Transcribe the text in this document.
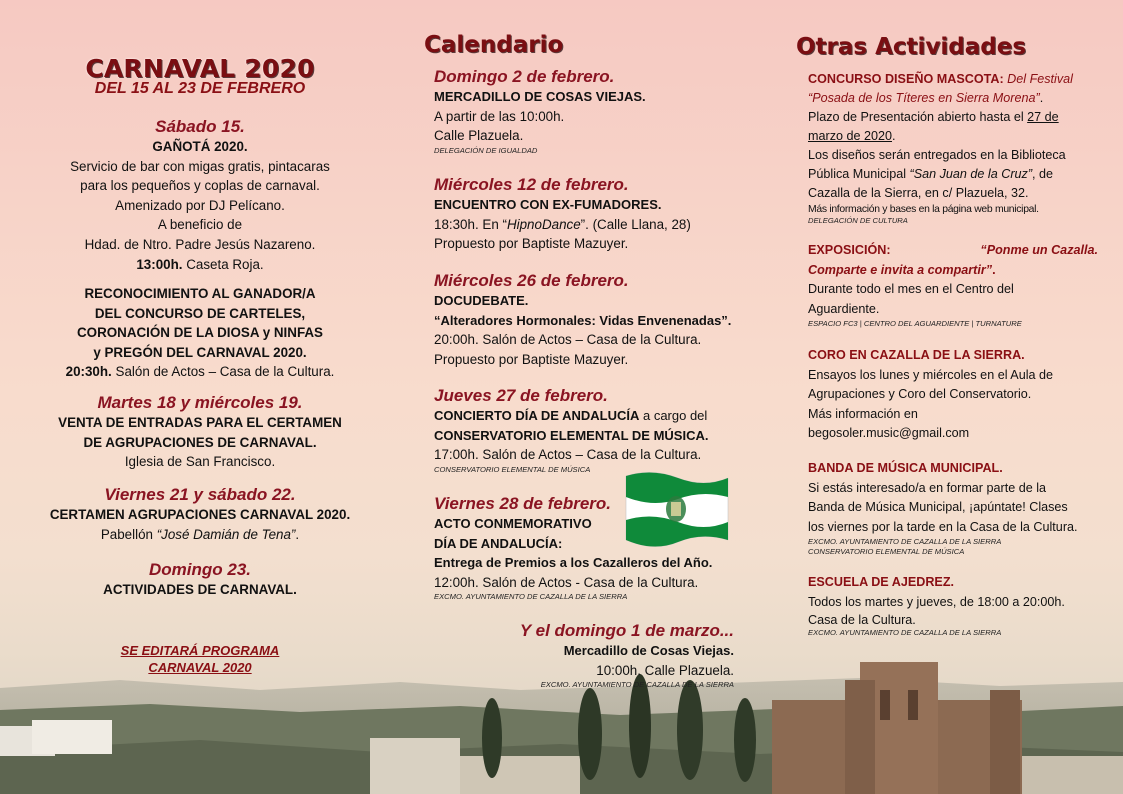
CARNAVAL 2020
DEL 15 AL 23 DE FEBRERO
Sábado 15.
GAÑOTÁ 2020.
Servicio de bar con migas gratis, pintacaras
para los pequeños y coplas de carnaval.
Amenizado por DJ Pelícano.
A beneficio de
Hdad. de Ntro. Padre Jesús Nazareno.
13:00h. Caseta Roja.
RECONOCIMIENTO AL GANADOR/A
DEL CONCURSO DE CARTELES,
CORONACIÓN DE LA DIOSA y NINFAS
y PREGÓN DEL CARNAVAL 2020.
20:30h. Salón de Actos – Casa de la Cultura.
Martes 18 y miércoles 19.
VENTA DE ENTRADAS PARA EL CERTAMEN
DE AGRUPACIONES DE CARNAVAL.
Iglesia de San Francisco.
Viernes 21 y sábado 22.
CERTAMEN AGRUPACIONES CARNAVAL 2020.
Pabellón “José Damián de Tena”.
Domingo 23.
ACTIVIDADES DE CARNAVAL.
SE EDITARÁ PROGRAMA
CARNAVAL 2020
Calendario
Domingo 2 de febrero.
MERCADILLO DE COSAS VIEJAS.
A partir de las 10:00h.
Calle Plazuela.
DELEGACIÓN DE IGUALDAD
Miércoles 12 de febrero.
ENCUENTRO CON EX-FUMADORES.
18:30h. En “HipnoDance”. (Calle Llana, 28)
Propuesto por Baptiste Mazuyer.
Miércoles 26 de febrero.
DOCUDEBATE.
“Alteradores Hormonales: Vidas Envenenadas”.
20:00h. Salón de Actos – Casa de la Cultura.
Propuesto por Baptiste Mazuyer.
Jueves 27 de febrero.
CONCIERTO DÍA DE ANDALUCÍA a cargo del
CONSERVATORIO ELEMENTAL DE MÚSICA.
17:00h. Salón de Actos – Casa de la Cultura.
CONSERVATORIO ELEMENTAL DE MÚSICA
Viernes 28 de febrero.
ACTO CONMEMORATIVO
DÍA DE ANDALUCÍA:
Entrega de Premios a los Cazalleros del Año.
12:00h. Salón de Actos - Casa de la Cultura.
EXCMO. AYUNTAMIENTO DE CAZALLA DE LA SIERRA
Y el domingo 1 de marzo...
Mercadillo de Cosas Viejas.
10:00h. Calle Plazuela.
EXCMO. AYUNTAMIENTO DE CAZALLA DE LA SIERRA
Otras Actividades
CONCURSO DISEÑO MASCOTA: Del Festival
“Posada de los Títeres en Sierra Morena”.
Plazo de Presentación abierto hasta el 27 de
marzo de 2020.
Los diseños serán entregados en la Biblioteca
Pública Municipal “San Juan de la Cruz”, de
Cazalla de la Sierra, en c/ Plazuela, 32.
Más información y bases en la página web municipal.
DELEGACIÓN DE CULTURA
EXPOSICIÓN:	“Ponme un Cazalla.
Comparte e invita a compartir”.
Durante todo el mes en el Centro del
Aguardiente.
ESPACIO FC3 | CENTRO DEL AGUARDIENTE | TURNATURE
CORO EN CAZALLA DE LA SIERRA.
Ensayos los lunes y miércoles en el Aula de
Agrupaciones y Coro del Conservatorio.
Más información en
begosoler.music@gmail.com
BANDA DE MÚSICA MUNICIPAL.
Si estás interesado/a en formar parte de la
Banda de Música Municipal, ¡apúntate! Clases
los viernes por la tarde en la Casa de la Cultura.
EXCMO. AYUNTAMIENTO DE CAZALLA DE LA SIERRA
CONSERVATORIO ELEMENTAL DE MÚSICA
ESCUELA DE AJEDREZ.
Todos los martes y jueves, de 18:00 a 20:00h.
Casa de la Cultura.
EXCMO. AYUNTAMIENTO DE CAZALLA DE LA SIERRA
